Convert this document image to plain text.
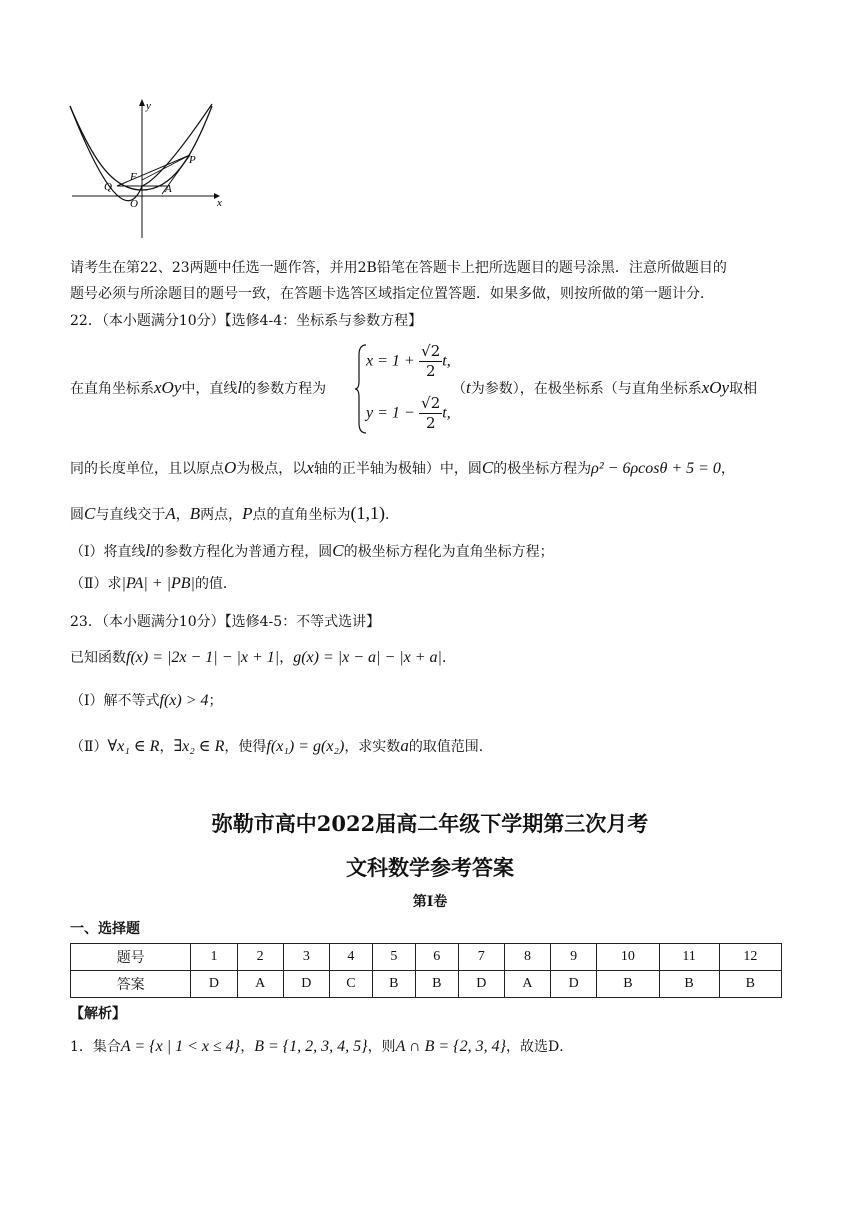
y
x
F
P
Q	A
O
请考生在第22、23两题中任选一题作答，并用2B铅笔在答题卡上把所选题目的题号涂黑．注意所做题目的
题号必须与所涂题目的题号一致，在答题卡选答区域指定位置答题．如果多做，则按所做的第一题计分．
22．（本小题满分10分）【选修4-4：坐标系与参数方程】
在直角坐标系xOy中，直线l的参数方程为
$x = 1 + \frac{√2}{2} t$,
$y = 1 - \frac{√2}{2} t$,
（t为参数），在极坐标系（与直角坐标系xOy取相
同的长度单位，且以原点O为极点，以x轴的正半轴为极轴）中，圆C的极坐标方程为ρ² − 6ρcosθ + 5 = 0，
圆C与直线交于A，B两点，P点的直角坐标为(1,1)．
（Ⅰ）将直线l的参数方程化为普通方程，圆C的极坐标方程化为直角坐标方程；
（Ⅱ）求|PA| + |PB|的值．
23．（本小题满分10分）【选修4-5：不等式选讲】
已知函数f(x) = |2x − 1| − |x + 1|，g(x) = |x − a| − |x + a|．
（Ⅰ）解不等式f(x) > 4；
（Ⅱ）∀x₁ ∈ R，∃x₂ ∈ R，使得f(x₁) = g(x₂)，求实数a的取值范围．
弥勒市高中2022届高二年级下学期第三次月考
文科数学参考答案
第Ⅰ卷
一、选择题
题号	1	2	3	4	5	6	7	8	9	10	11	12
答案	D	A	D	C	B	B	D	A	D	B	B	B
【解析】
1．集合A = {x | 1 < x ≤ 4}，B = {1, 2, 3, 4, 5}，则A ∩ B = {2, 3, 4}，故选D．
